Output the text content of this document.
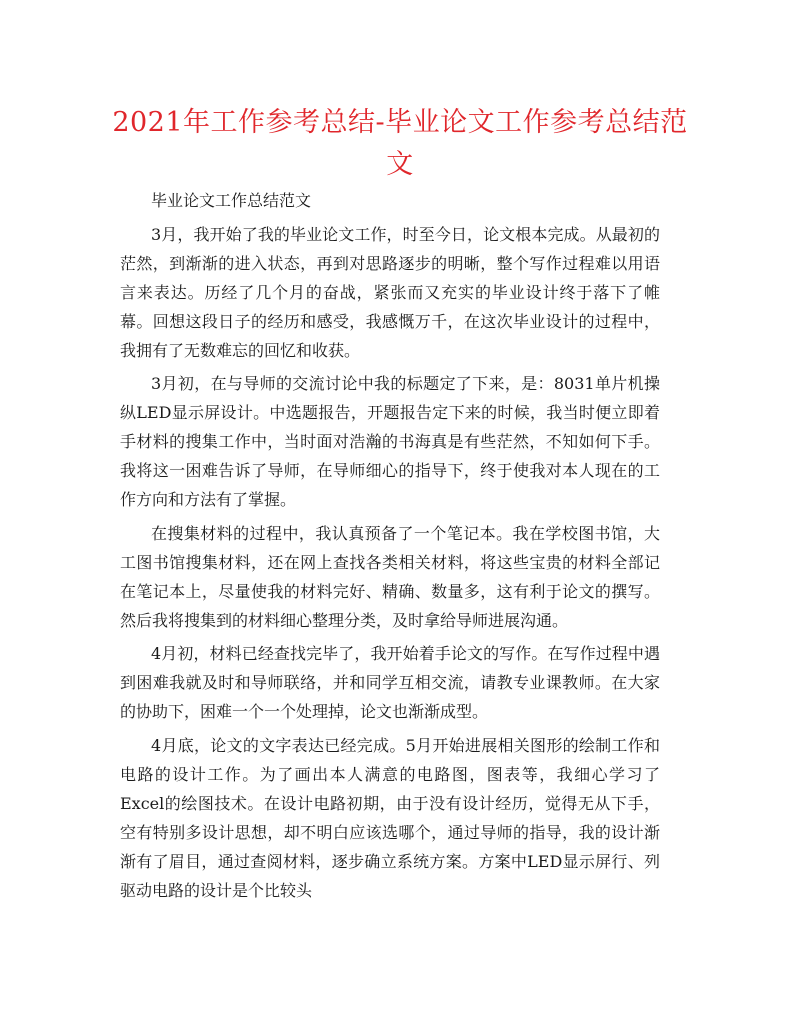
2021年工作参考总结-毕业论文工作参考总结范文

毕业论文工作总结范文

3月，我开始了我的毕业论文工作，时至今日，论文根本完成。从最初的茫然，到渐渐的进入状态，再到对思路逐步的明晰，整个写作过程难以用语言来表达。历经了几个月的奋战，紧张而又充实的毕业设计终于落下了帷幕。回想这段日子的经历和感受，我感慨万千，在这次毕业设计的过程中，我拥有了无数难忘的回忆和收获。

3月初，在与导师的交流讨论中我的标题定了下来，是：8031单片机操纵LED显示屏设计。中选题报告，开题报告定下来的时候，我当时便立即着手材料的搜集工作中，当时面对浩瀚的书海真是有些茫然，不知如何下手。我将这一困难告诉了导师，在导师细心的指导下，终于使我对本人现在的工作方向和方法有了掌握。

在搜集材料的过程中，我认真预备了一个笔记本。我在学校图书馆，大工图书馆搜集材料，还在网上查找各类相关材料，将这些宝贵的材料全部记在笔记本上，尽量使我的材料完好、精确、数量多，这有利于论文的撰写。然后我将搜集到的材料细心整理分类，及时拿给导师进展沟通。

4月初，材料已经查找完毕了，我开始着手论文的写作。在写作过程中遇到困难我就及时和导师联络，并和同学互相交流，请教专业课教师。在大家的协助下，困难一个一个处理掉，论文也渐渐成型。

4月底，论文的文字表达已经完成。5月开始进展相关图形的绘制工作和电路的设计工作。为了画出本人满意的电路图，图表等，我细心学习了Excel的绘图技术。在设计电路初期，由于没有设计经历，觉得无从下手，空有特别多设计思想，却不明白应该选哪个，通过导师的指导，我的设计渐渐有了眉目，通过查阅材料，逐步确立系统方案。方案中LED显示屏行、列驱动电路的设计是个比较头
